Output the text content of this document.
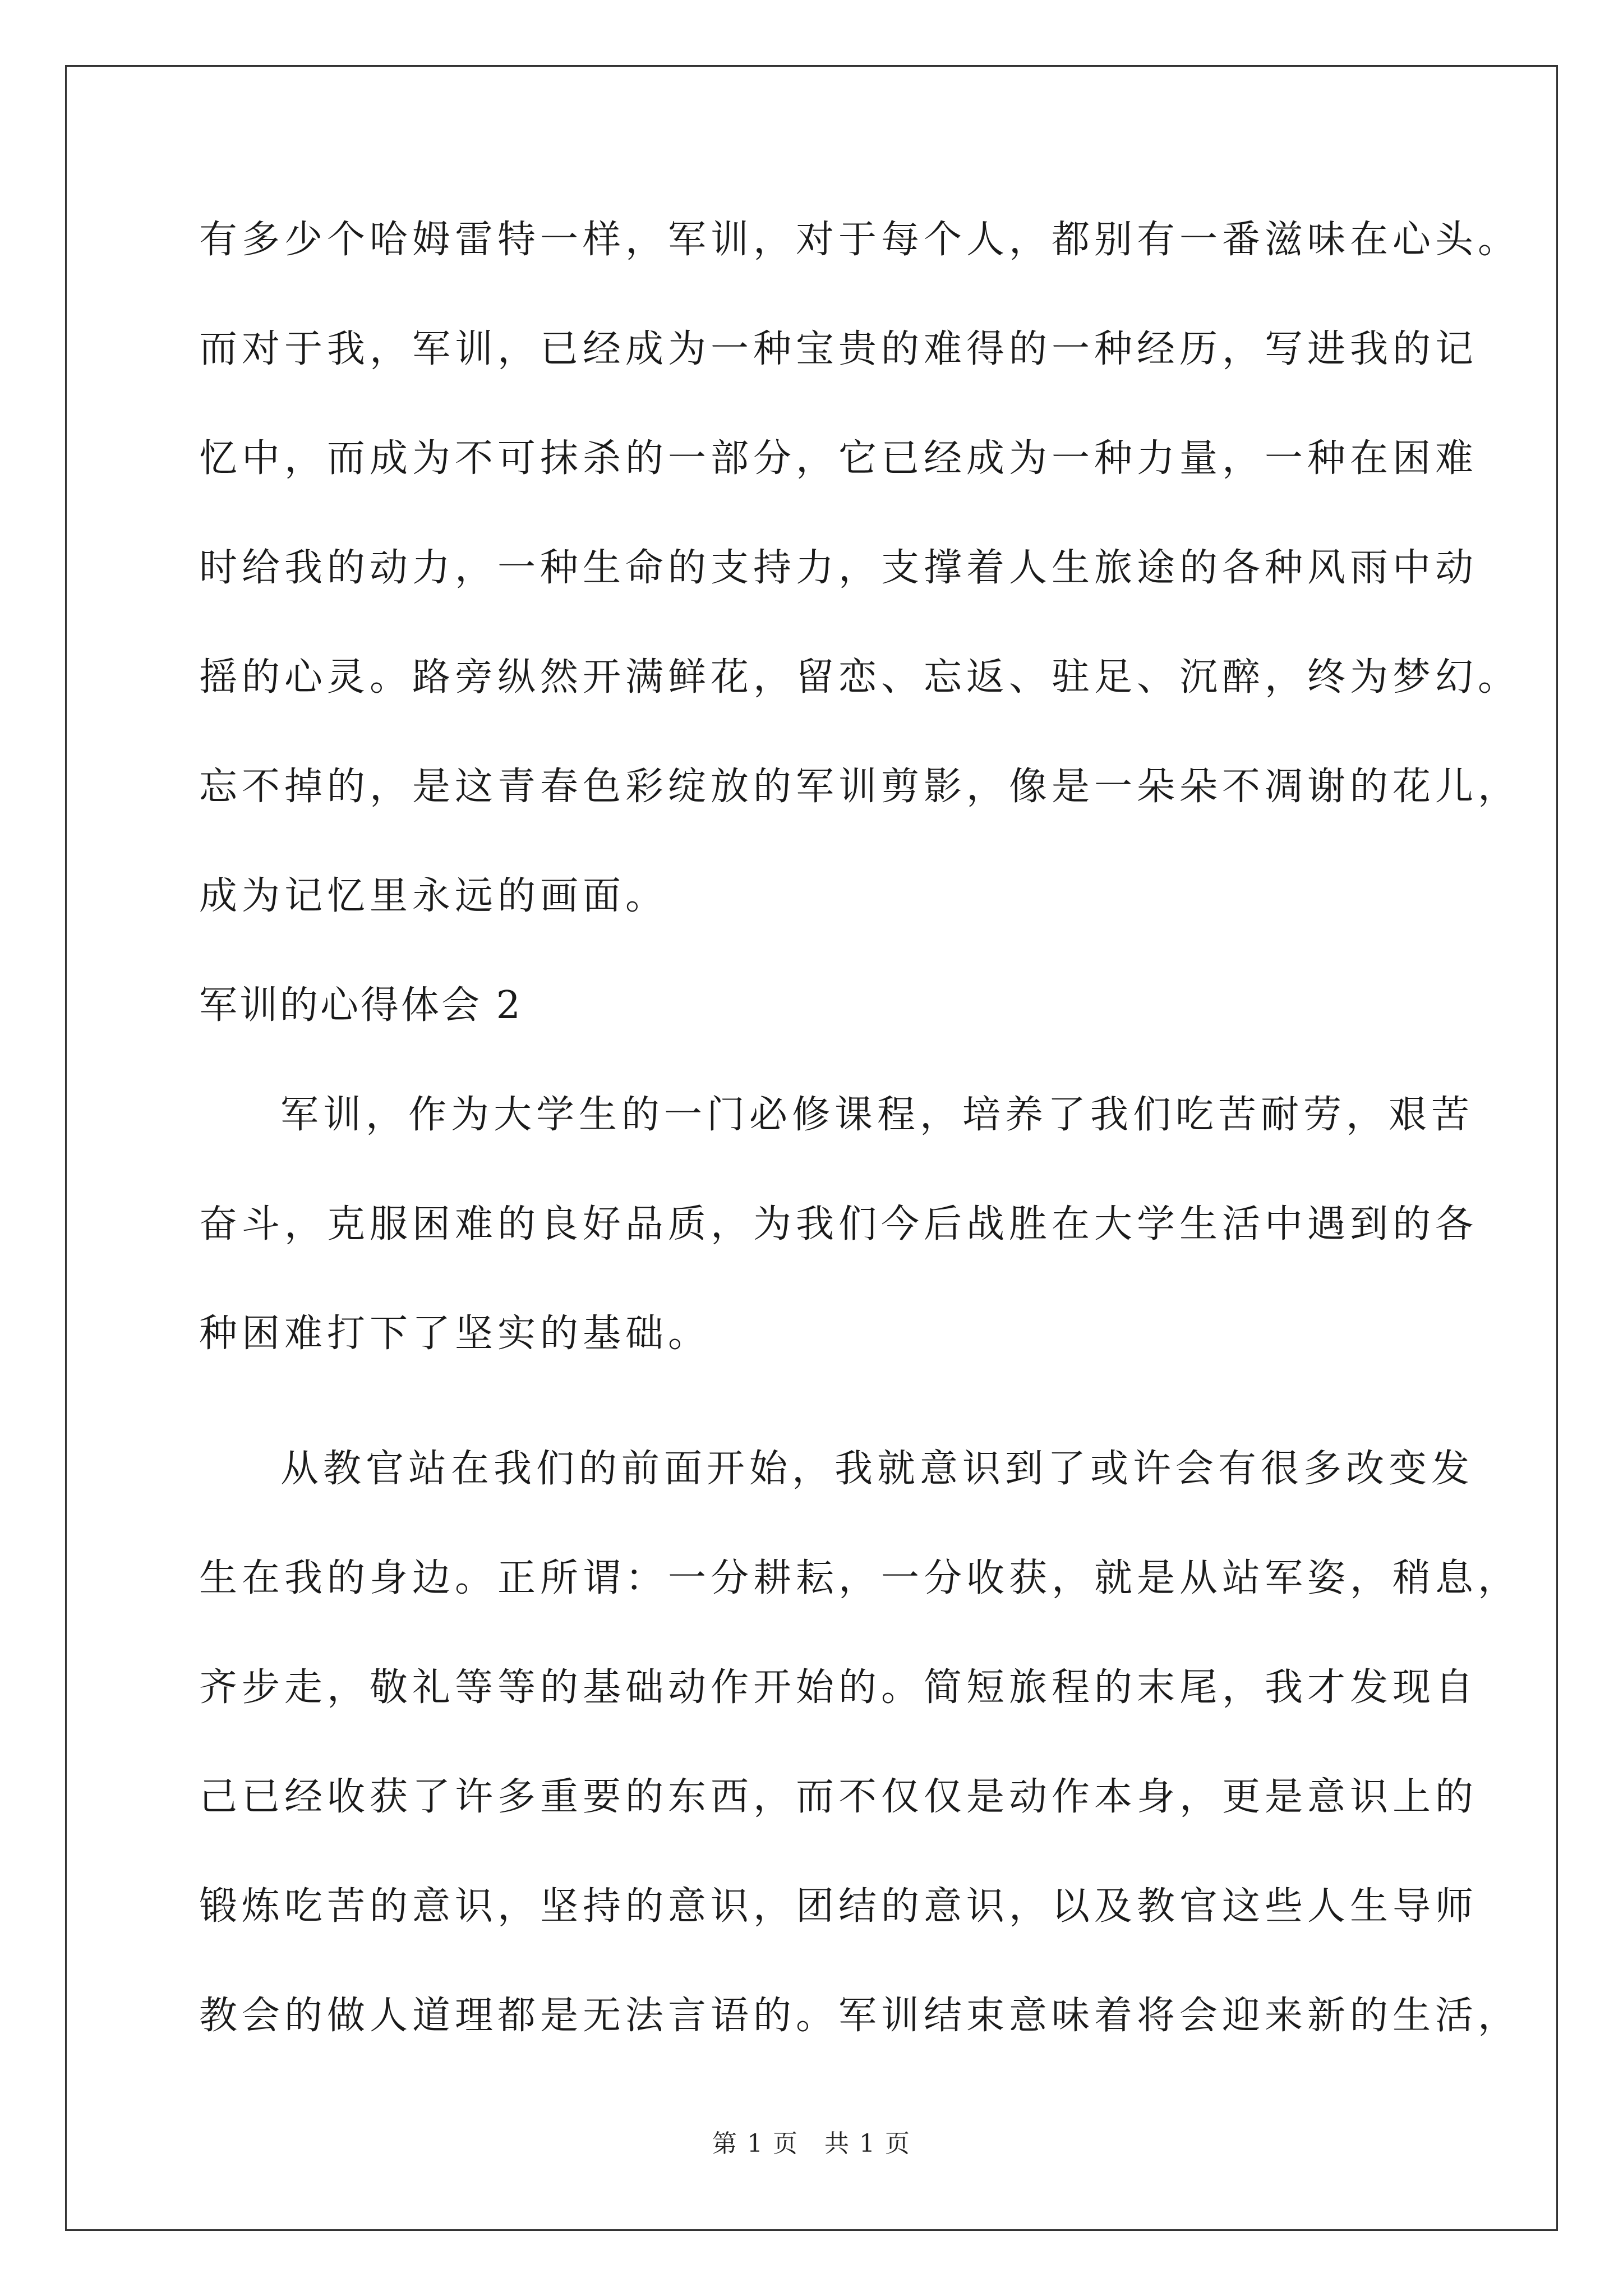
有多少个哈姆雷特一样，军训，对于每个人，都别有一番滋味在心头。
而对于我，军训，已经成为一种宝贵的难得的一种经历，写进我的记
忆中，而成为不可抹杀的一部分，它已经成为一种力量，一种在困难
时给我的动力，一种生命的支持力，支撑着人生旅途的各种风雨中动
摇的心灵。路旁纵然开满鲜花，留恋、忘返、驻足、沉醉，终为梦幻。
忘不掉的，是这青春色彩绽放的军训剪影，像是一朵朵不凋谢的花儿，
成为记忆里永远的画面。
军训的心得体会 2
军训，作为大学生的一门必修课程，培养了我们吃苦耐劳，艰苦
奋斗，克服困难的良好品质，为我们今后战胜在大学生活中遇到的各
种困难打下了坚实的基础。
从教官站在我们的前面开始，我就意识到了或许会有很多改变发
生在我的身边。正所谓：一分耕耘，一分收获，就是从站军姿，稍息，
齐步走，敬礼等等的基础动作开始的。简短旅程的末尾，我才发现自
己已经收获了许多重要的东西，而不仅仅是动作本身，更是意识上的
锻炼吃苦的意识，坚持的意识，团结的意识，以及教官这些人生导师
教会的做人道理都是无法言语的。军训结束意味着将会迎来新的生活，
第 1 页　共 1 页
